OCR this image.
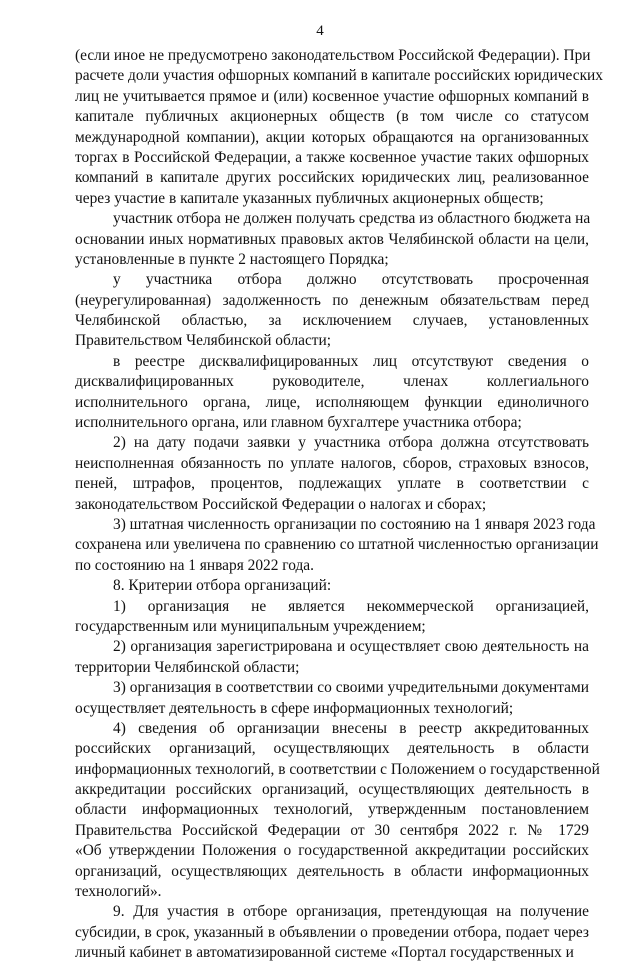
4
(если иное не предусмотрено законодательством Российской Федерации). При
расчете доли участия офшорных компаний в капитале российских юридических
лиц не учитывается прямое и (или) косвенное участие офшорных компаний в
капитале публичных акционерных обществ (в том числе со статусом
международной компании), акции которых обращаются на организованных
торгах в Российской Федерации, а также косвенное участие таких офшорных
компаний в капитале других российских юридических лиц, реализованное
через участие в капитале указанных публичных акционерных обществ;
участник отбора не должен получать средства из областного бюджета на
основании иных нормативных правовых актов Челябинской области на цели,
установленные в пункте 2 настоящего Порядка;
у участника отбора должно отсутствовать просроченная
(неурегулированная) задолженность по денежным обязательствам перед
Челябинской областью, за исключением случаев, установленных
Правительством Челябинской области;
в реестре дисквалифицированных лиц отсутствуют сведения о
дисквалифицированных руководителе, членах коллегиального
исполнительного органа, лице, исполняющем функции единоличного
исполнительного органа, или главном бухгалтере участника отбора;
2) на дату подачи заявки у участника отбора должна отсутствовать
неисполненная обязанность по уплате налогов, сборов, страховых взносов,
пеней, штрафов, процентов, подлежащих уплате в соответствии с
законодательством Российской Федерации о налогах и сборах;
3) штатная численность организации по состоянию на 1 января 2023 года
сохранена или увеличена по сравнению со штатной численностью организации
по состоянию на 1 января 2022 года.
8. Критерии отбора организаций:
1) организация не является некоммерческой организацией,
государственным или муниципальным учреждением;
2) организация зарегистрирована и осуществляет свою деятельность на
территории Челябинской области;
3) организация в соответствии со своими учредительными документами
осуществляет деятельность в сфере информационных технологий;
4) сведения об организации внесены в реестр аккредитованных
российских организаций, осуществляющих деятельность в области
информационных технологий, в соответствии с Положением о государственной
аккредитации российских организаций, осуществляющих деятельность в
области информационных технологий, утвержденным постановлением
Правительства Российской Федерации от 30 сентября 2022 г. № 1729
«Об утверждении Положения о государственной аккредитации российских
организаций, осуществляющих деятельность в области информационных
технологий».
9. Для участия в отборе организация, претендующая на получение
субсидии, в срок, указанный в объявлении о проведении отбора, подает через
личный кабинет в автоматизированной системе «Портал государственных и
